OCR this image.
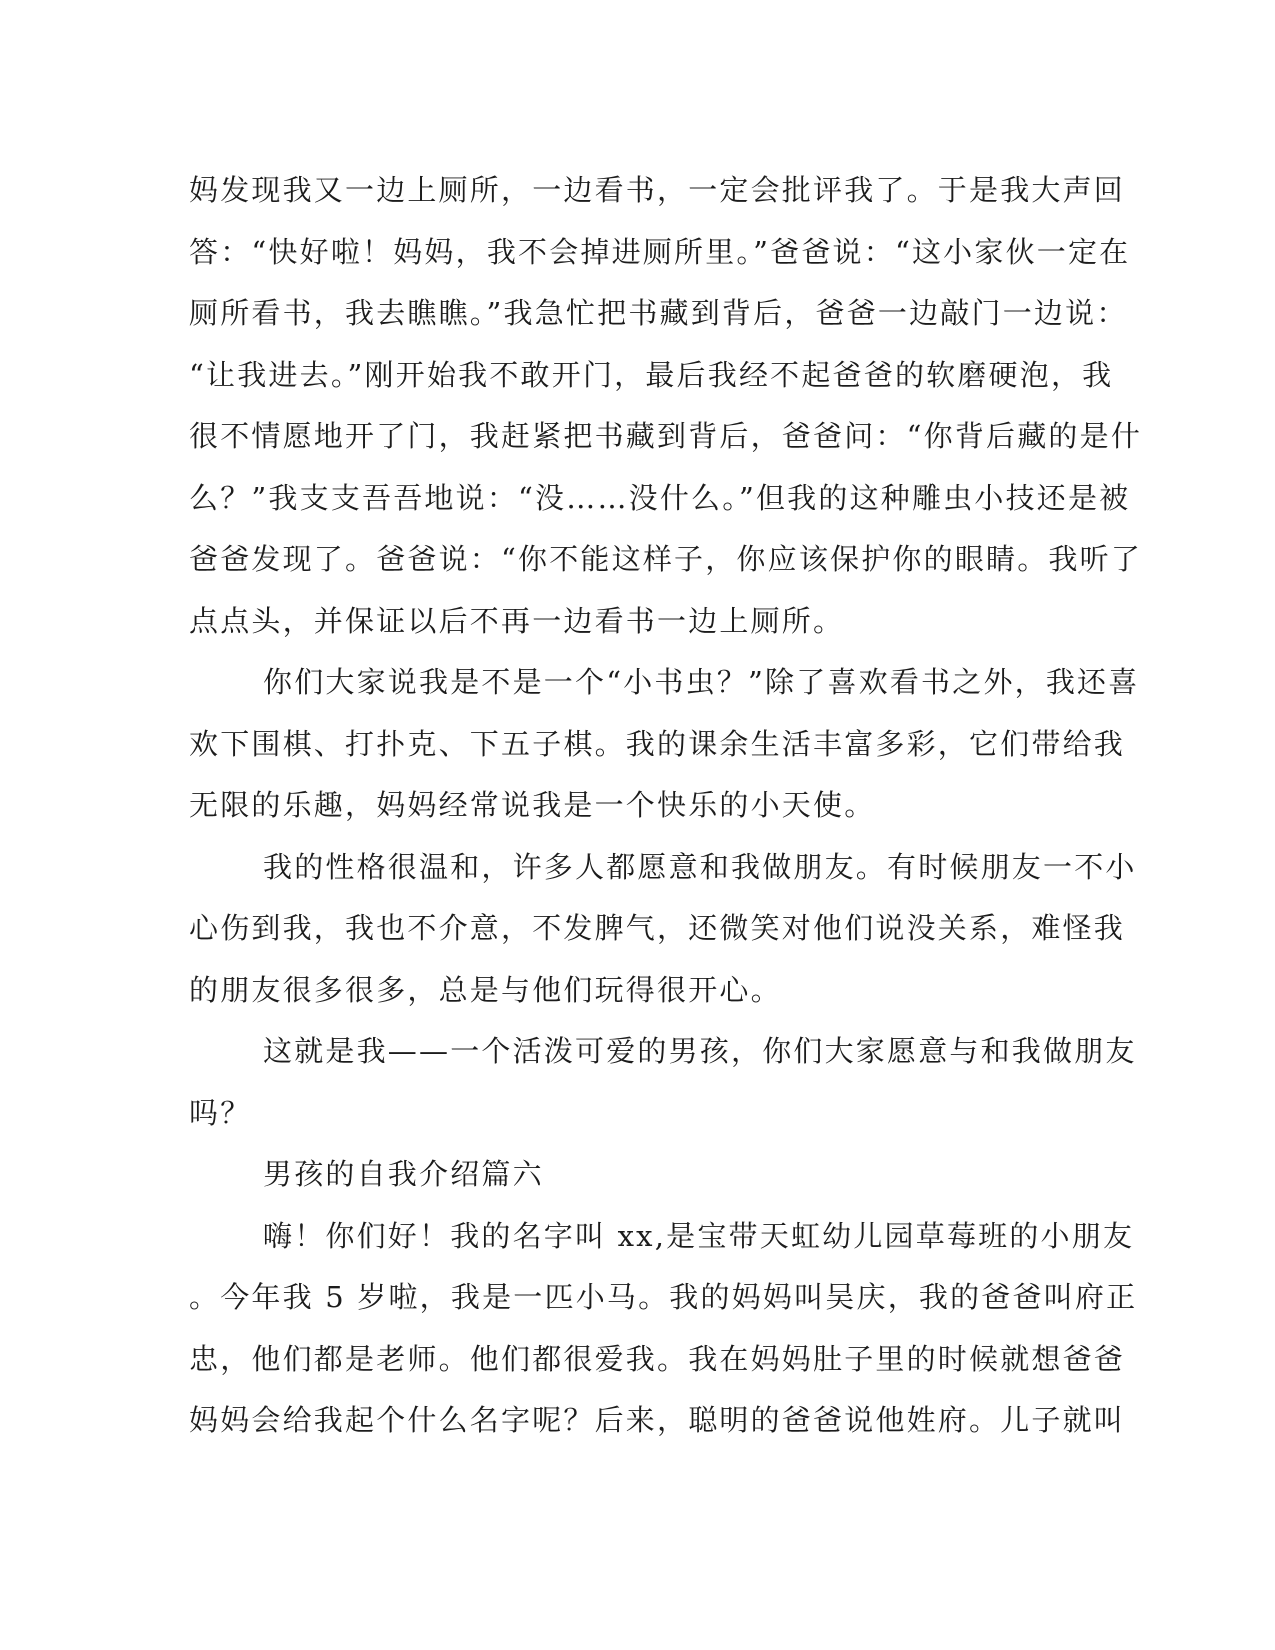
妈发现我又一边上厕所，一边看书，一定会批评我了。于是我大声回
答：“快好啦！妈妈，我不会掉进厕所里。”爸爸说：“这小家伙一定在
厕所看书，我去瞧瞧。”我急忙把书藏到背后，爸爸一边敲门一边说：
“让我进去。”刚开始我不敢开门，最后我经不起爸爸的软磨硬泡，我
很不情愿地开了门，我赶紧把书藏到背后，爸爸问：“你背后藏的是什
么？”我支支吾吾地说：“没……没什么。”但我的这种雕虫小技还是被
爸爸发现了。爸爸说：“你不能这样子，你应该保护你的眼睛。我听了
点点头，并保证以后不再一边看书一边上厕所。
你们大家说我是不是一个“小书虫？”除了喜欢看书之外，我还喜
欢下围棋、打扑克、下五子棋。我的课余生活丰富多彩，它们带给我
无限的乐趣，妈妈经常说我是一个快乐的小天使。
我的性格很温和，许多人都愿意和我做朋友。有时候朋友一不小
心伤到我，我也不介意，不发脾气，还微笑对他们说没关系，难怪我
的朋友很多很多，总是与他们玩得很开心。
这就是我——一个活泼可爱的男孩，你们大家愿意与和我做朋友
吗？
男孩的自我介绍篇六
嗨！你们好！我的名字叫 xx,是宝带天虹幼儿园草莓班的小朋友
。今年我 5 岁啦，我是一匹小马。我的妈妈叫吴庆，我的爸爸叫府正
忠，他们都是老师。他们都很爱我。我在妈妈肚子里的时候就想爸爸
妈妈会给我起个什么名字呢？后来，聪明的爸爸说他姓府。儿子就叫
